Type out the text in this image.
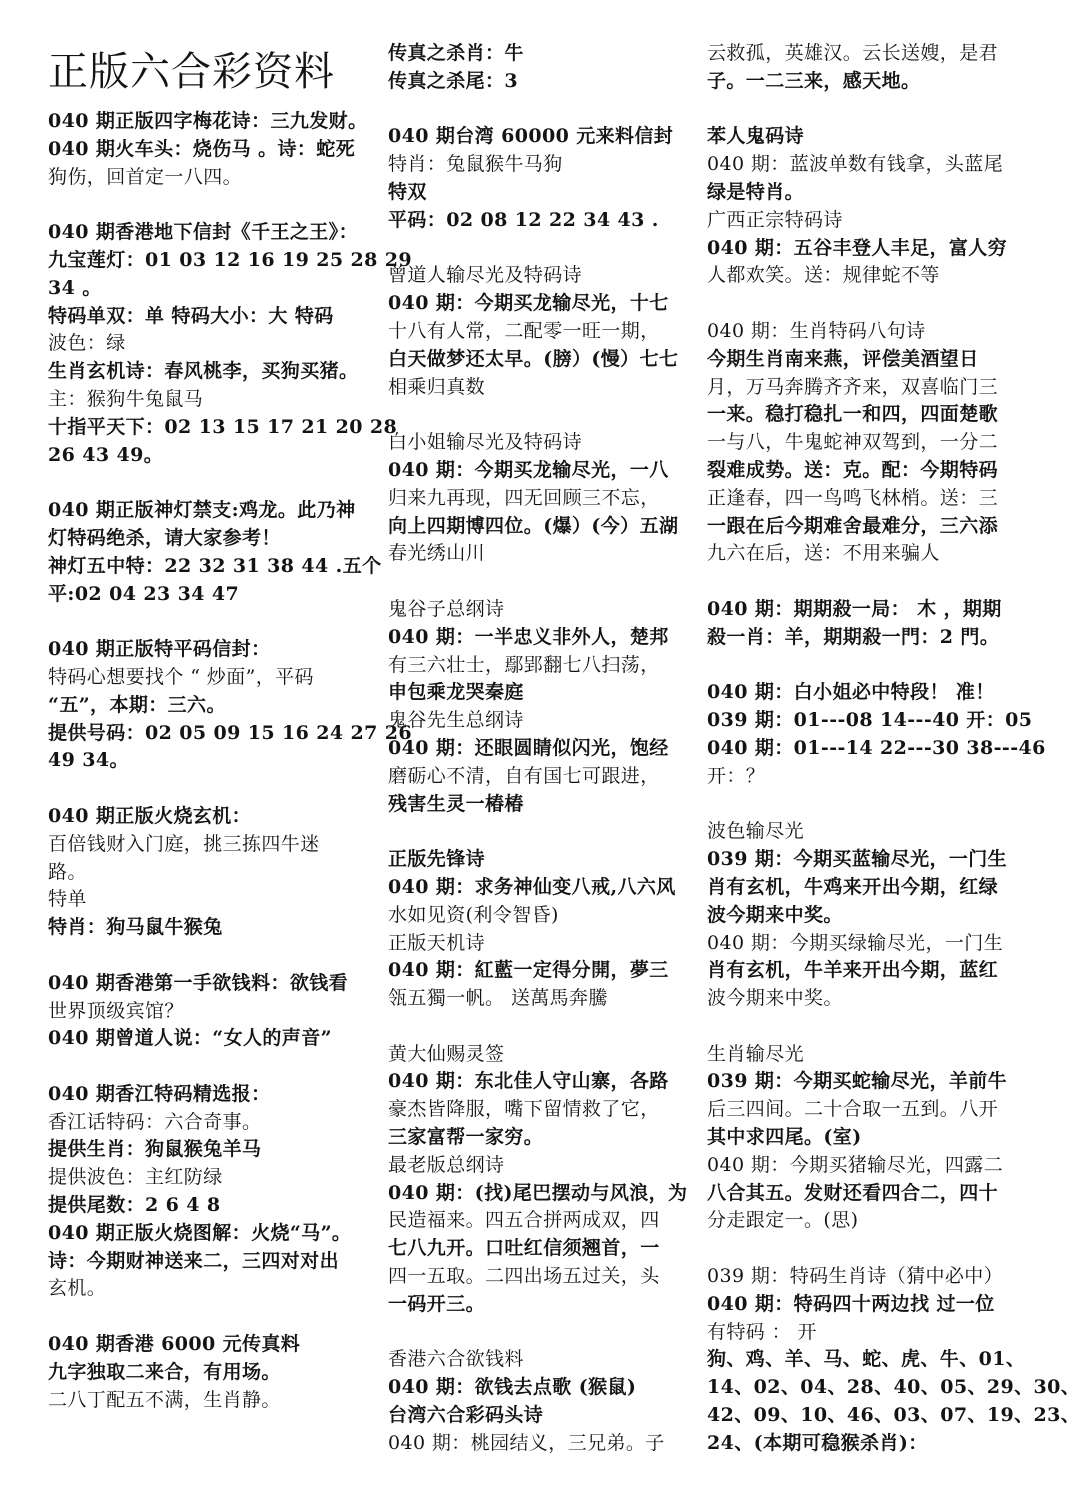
正版六合彩资料
040 期正版四字梅花诗：三九发财。
040 期火车头：烧伤马 。诗：蛇死
狗伤，回首定一八四。
040 期香港地下信封《千王之王》：
九宝莲灯：01 03 12 16 19 25 28 29
34 。
特码单双：单 特码大小：大 特码
波色：绿
生肖玄机诗：春风桃李，买狗买猪。
主：猴狗牛兔鼠马
十指平天下：02 13 15 17 21 20 28
26 43 49。
040 期正版神灯禁支:鸡龙。此乃神
灯特码绝杀，请大家参考！
神灯五中特：22 32 31 38 44 .五个
平:02 04 23 34 47
040 期正版特平码信封：
特码心想要找个 “ 炒面”，平码
“五”，本期：三六。
提供号码：02 05 09 15 16 24 27 26
49 34。
040 期正版火烧玄机：
百倍钱财入门庭，挑三拣四牛迷
路。
特单
特肖：狗马鼠牛猴兔
040 期香港第一手欲钱料：欲钱看
世界顶级宾馆？
040 期曾道人说：“女人的声音”
040 期香江特码精选报：
香江话特码：六合奇事。
提供生肖：狗鼠猴兔羊马
提供波色：主红防绿
提供尾数：2 6 4 8
040 期正版火烧图解：火烧“马”。
诗：今期财神送来二，三四对对出
玄机。
040 期香港 6000 元传真料
九字独取二来合，有用场。
二八丁配五不满，生肖静。
传真之杀肖：牛
传真之杀尾：3
040 期台湾 60000 元来料信封
特肖：兔鼠猴牛马狗
特双
平码：02 08 12 22 34 43 .
曾道人输尽光及特码诗
040 期：今期买龙输尽光，十七
十八有人常，二配零一旺一期，
白天做梦还太早。(膀）(慢）七七
相乘归真数
白小姐输尽光及特码诗
040 期：今期买龙输尽光，一八
归来九再现，四无回顾三不忘，
向上四期博四位。(爆）(今）五湖
春光绣山川
鬼谷子总纲诗
040 期：一半忠义非外人，楚邦
有三六壮士，鄢郢翻七八扫荡，
申包乘龙哭秦庭
鬼谷先生总纲诗
040 期：还眼圆睛似闪光，饱经
磨砺心不清，自有国七可跟进，
残害生灵一椿椿
正版先锋诗
040 期：求务神仙变八戒,八六风
水如见资(利令智昏)
正版天机诗
040 期：紅藍一定得分開，夢三
瓴五獨一帆。 送萬馬奔騰
黄大仙赐灵签
040 期：东北佳人守山寨，各路
豪杰皆降服，嘴下留情救了它，
三家富帮一家穷。
最老版总纲诗
040 期：(找)尾巴摆动与风浪，为
民造福来。四五合拼两成双，四
七八九开。口吐红信须翘首，一
四一五取。二四出场五过关，头
一码开三。
香港六合欲钱料
040 期：欲钱去点歌 (猴鼠)
台湾六合彩码头诗
040 期：桃园结义，三兄弟。子
云救孤，英雄汉。云长送嫂，是君
子。一二三来，感天地。
苯人鬼码诗
040 期：蓝波单数有钱拿，头蓝尾
绿是特肖。
广西正宗特码诗
040 期：五谷丰登人丰足，富人穷
人都欢笑。送：规律蛇不等
040 期：生肖特码八句诗
今期生肖南来燕，评偿美酒望日
月，万马奔腾齐齐来，双喜临门三
一来。稳打稳扎一和四，四面楚歌
一与八，牛鬼蛇神双驾到，一分二
裂难成势。送：克。配：今期特码
正逢春，四一鸟鸣飞林梢。送：三
一跟在后今期难舍最难分，三六添
九六在后，送：不用来骗人
040 期：期期殺一局： 木 ，期期
殺一肖：羊，期期殺一門：2 門。
040 期：白小姐必中特段！ 准！
039 期：01---08 14---40 开：05
040 期：01---14 22---30 38---46
开：？
波色输尽光
039 期：今期买蓝输尽光，一门生
肖有玄机，牛鸡来开出今期，红绿
波今期来中奖。
040 期：今期买绿输尽光，一门生
肖有玄机，牛羊来开出今期，蓝红
波今期来中奖。
生肖输尽光
039 期：今期买蛇输尽光，羊前牛
后三四间。二十合取一五到。八开
其中求四尾。(室)
040 期：今期买猪输尽光，四露二
八合其五。发财还看四合二，四十
分走跟定一。(思)
039 期：特码生肖诗（猜中必中）
040 期：特码四十两边找 过一位
有特码 ： 开
狗、鸡、羊、马、蛇、虎、牛、01、
14、02、04、28、40、05、29、30、
42、09、10、46、03、07、19、23、
24、(本期可稳猴杀肖)：
